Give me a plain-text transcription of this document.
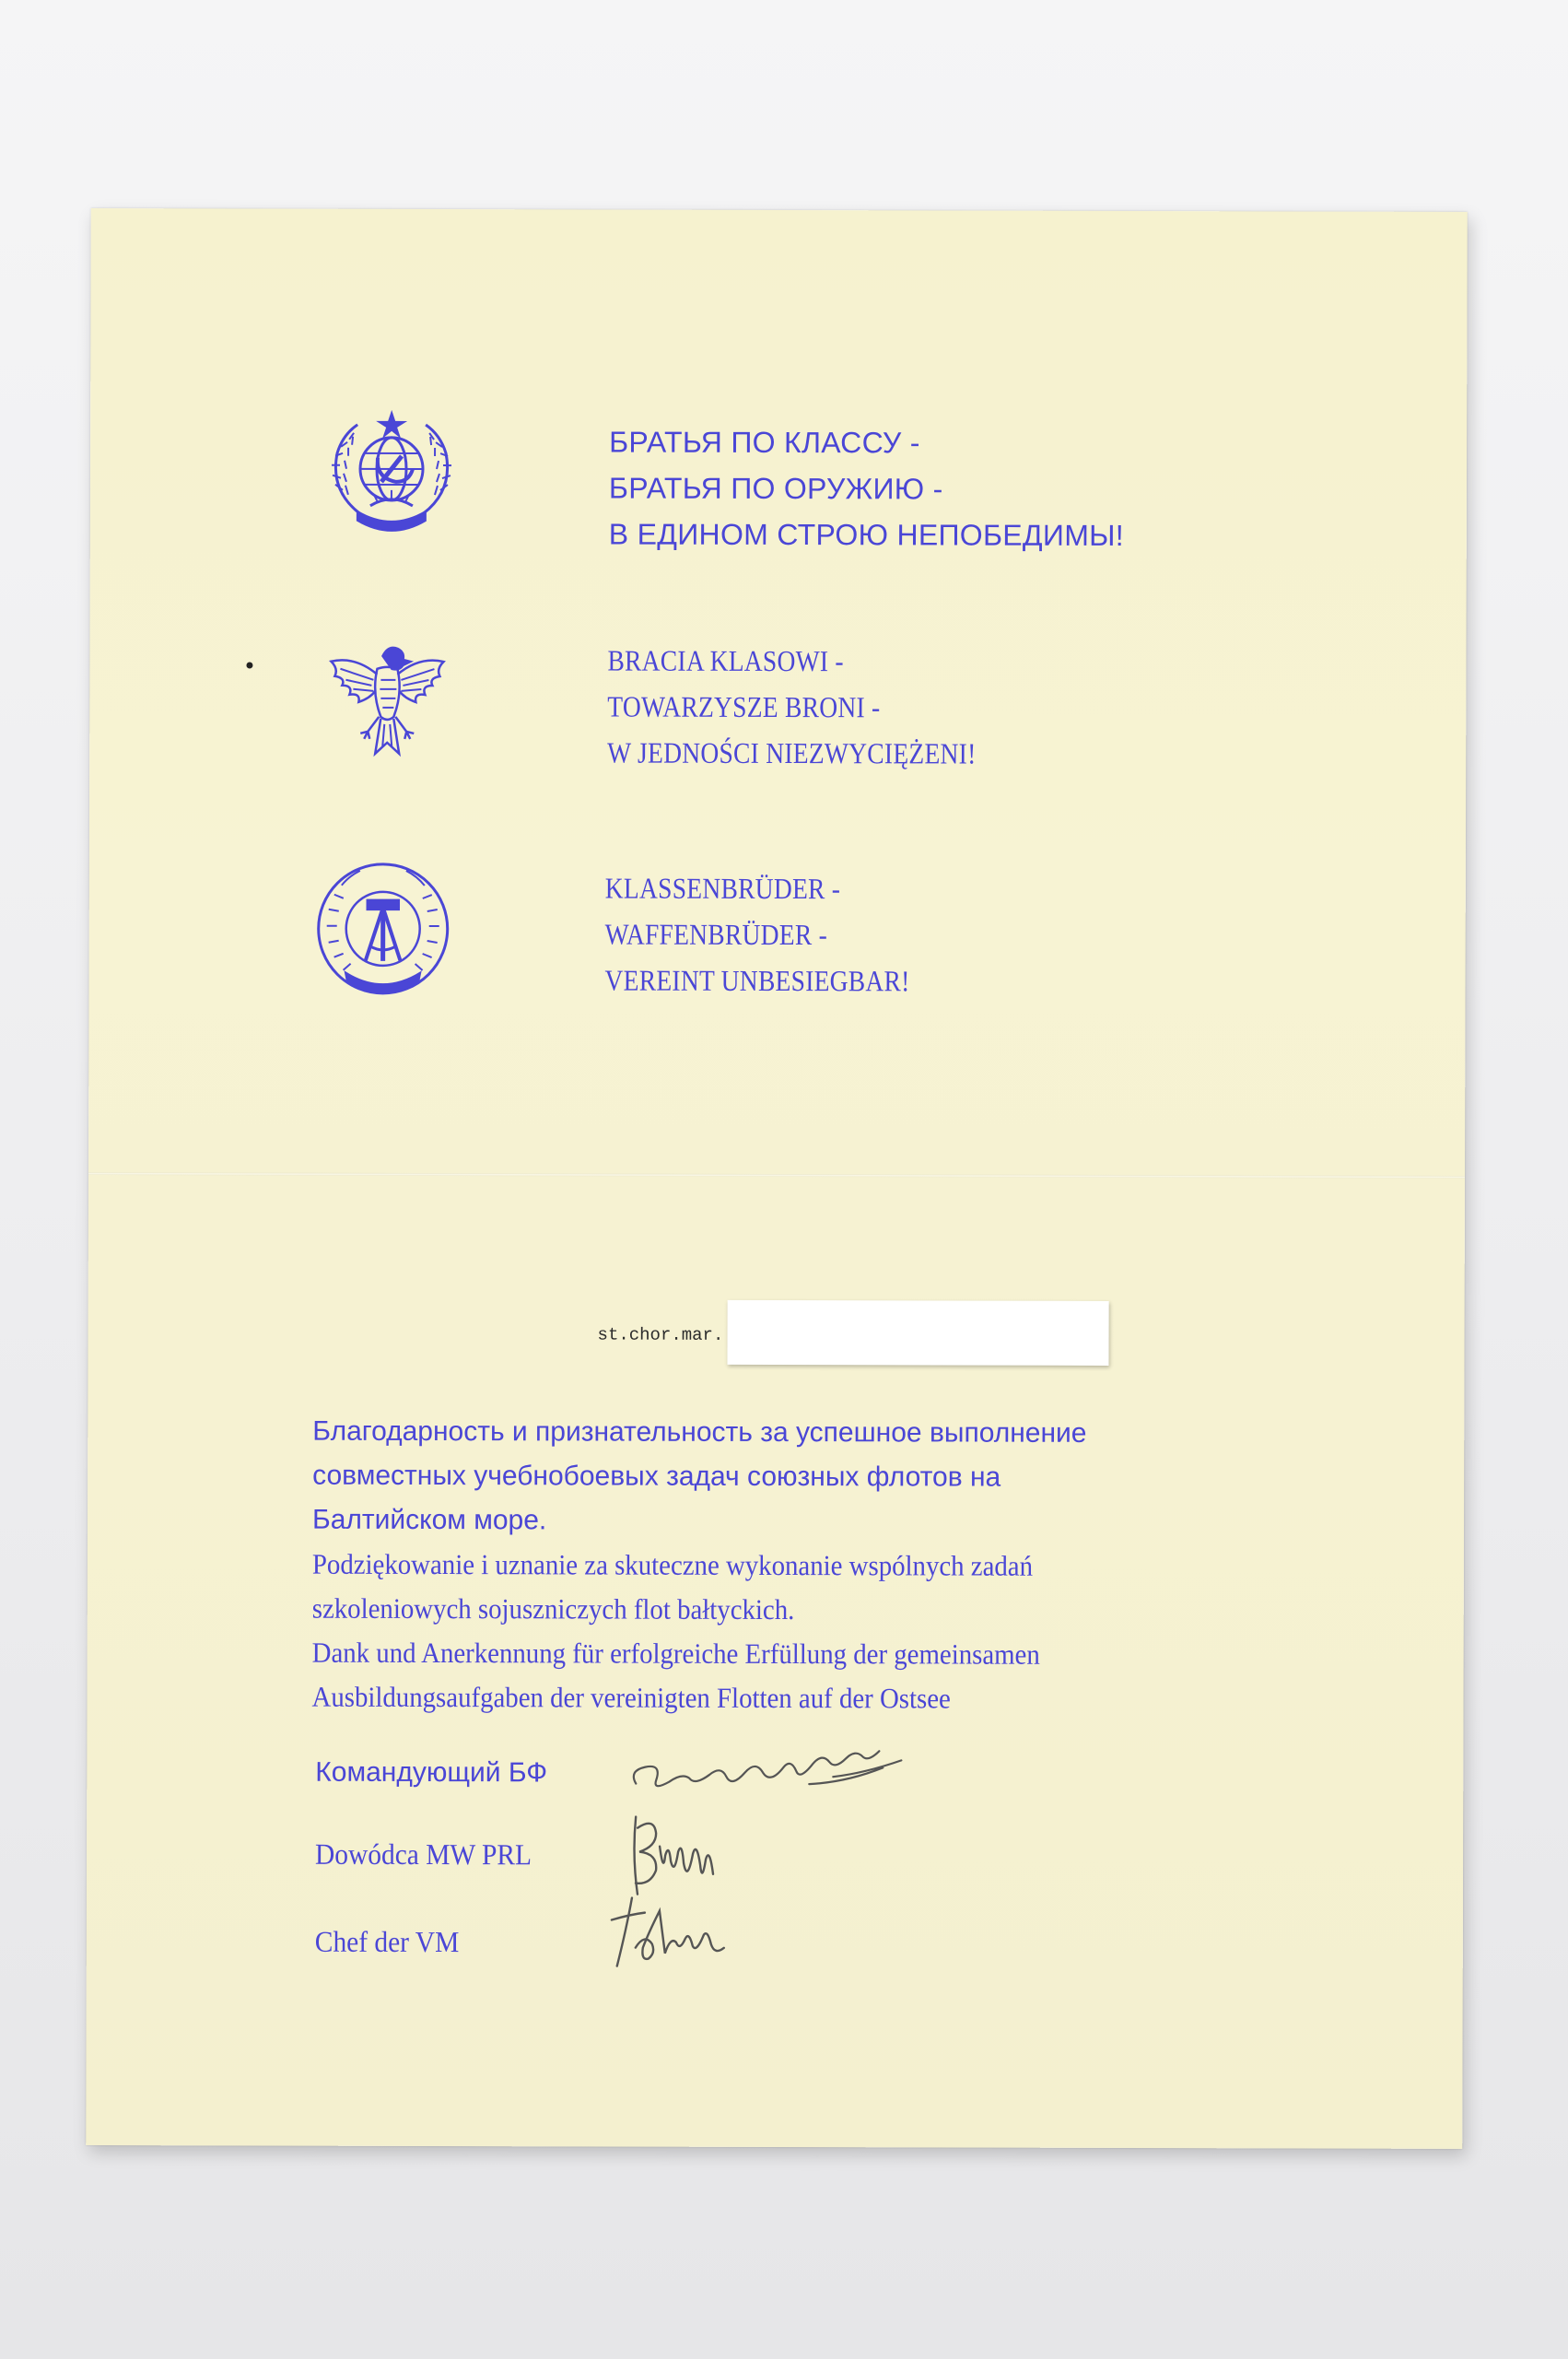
БРАТЬЯ ПО КЛАССУ -
БРАТЬЯ ПО ОРУЖИЮ -
В ЕДИНОМ СТРОЮ НЕПОБЕДИМЫ!
BRACIA KLASOWI -
TOWARZYSZE BRONI -
W JEDNOŚCI NIEZWYCIĘŻENI!
KLASSENBRÜDER -
WAFFENBRÜDER -
VEREINT UNBESIEGBAR!
st.chor.mar.
Благодарность и признательность за успешное выполнение
совместных учебнобоевых задач союзных флотов на
Балтийском море.
Podziękowanie i uznanie za skuteczne wykonanie wspólnych zadań
szkoleniowych sojuszniczych flot bałtyckich.
Dank und Anerkennung für erfolgreiche Erfüllung der gemeinsamen
Ausbildungsaufgaben der vereinigten Flotten auf der Ostsee
Командующий БФ
Dowódca MW PRL
Chef der VM
